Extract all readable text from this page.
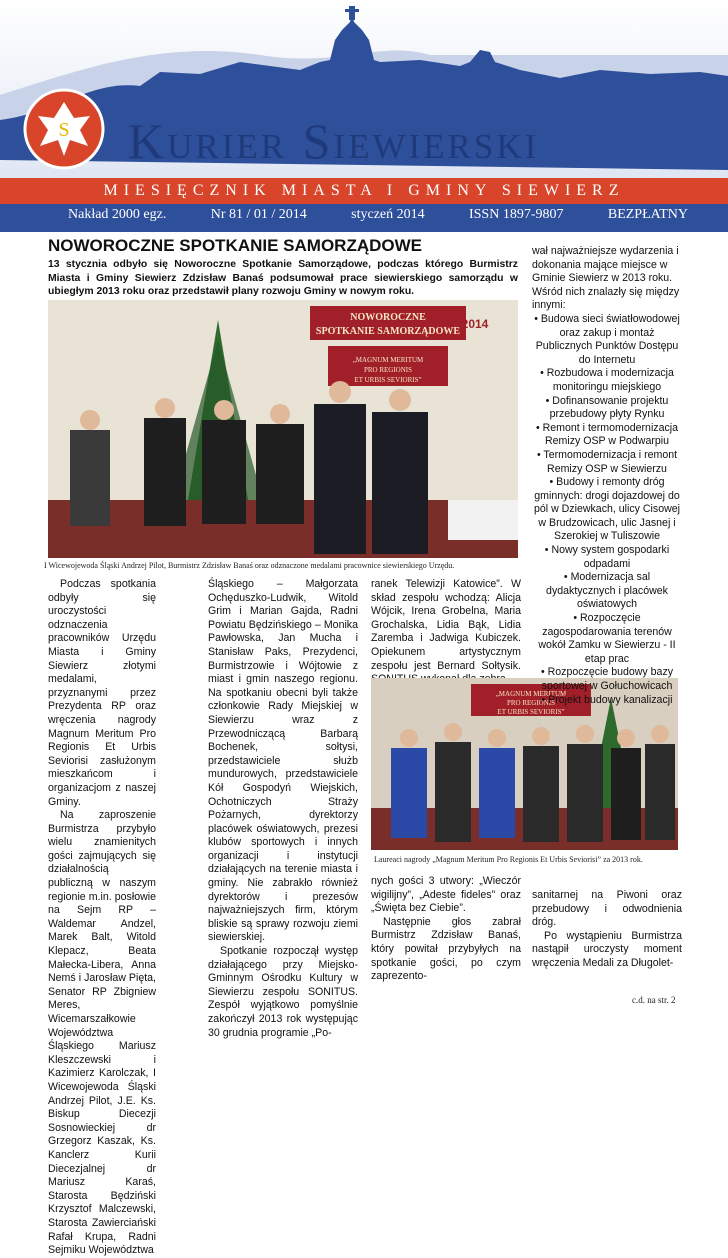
S Kurier Siewierski
MIESIĘCZNIK MIASTA I GMINY SIEWIERZ
Nakład 2000 egz.	Nr 81 / 01 / 2014	styczeń 2014	ISSN 1897-9807	BEZPŁATNY
NOWOROCZNE SPOTKANIE SAMORZĄDOWE

13 stycznia odbyło się Noworoczne Spotkanie Samorządowe, podczas którego Burmistrz Miasta i Gminy Siewierz Zdzisław Banaś podsumował prace siewierskiego samorządu w ubiegłym 2013 roku oraz przedstawił plany rozwoju Gminy w nowym roku.

NOWOROCZNE
SPOTKANIE SAMORZĄDOWE
2014
„MAGNUM MERITUM
PRO REGIONIS
ET URBIS SEVIORIS”
I Wicewojewoda Śląski Andrzej Pilot, Burmistrz Zdzisław Banaś oraz odznaczone medalami pracownice siewierskiego Urzędu.

Podczas spotkania odbyły się uroczystości odznaczenia pracowników Urzędu Miasta i Gminy Siewierz złotymi medalami, przyznanymi przez Prezydenta RP oraz wręczenia nagrody Magnum Meritum Pro Regionis Et Urbis Seviorisi zasłużonym mieszkańcom i organizacjom z naszej Gminy.

Na zaproszenie Burmistrza przybyło wielu znamienitych gości zajmujących się działalnością publiczną w naszym regionie m.in. posłowie na Sejm RP – Waldemar Andzel, Marek Balt, Witold Klepacz, Beata Małecka-Libera, Anna Nemś i Jarosław Pięta, Senator RP Zbigniew Meres, Wicemarszałkowie Województwa Śląskiego Mariusz Kleszczewski i Kazimierz Karolczak, I Wicewojewoda Śląski Andrzej Pilot, J.E. Ks. Biskup Diecezji Sosnowieckiej dr Grzegorz Kaszak, Ks. Kanclerz Kurii Diecezjalnej dr Mariusz Karaś, Starosta Będziński Krzysztof Malczewski, Starosta Zawierciański Rafał Krupa, Radni Sejmiku Województwa

Śląskiego – Małgorzata Ochęduszko-Ludwik, Witold Grim i Marian Gajda, Radni Powiatu Będzińskiego – Monika Pawłowska, Jan Mucha i Stanisław Paks, Prezydenci, Burmistrzowie i Wójtowie z miast i gmin naszego regionu. Na spotkaniu obecni byli także członkowie Rady Miejskiej w Siewierzu wraz z Przewodniczącą Barbarą Bochenek, sołtysi, przedstawiciele służb mundurowych, przedstawiciele Kół Gospodyń Wiejskich, Ochotniczych Straży Pożarnych, dyrektorzy placówek oświatowych, prezesi klubów sportowych i innych organizacji i instytucji działających na terenie miasta i gminy. Nie zabrakło również dyrektorów i prezesów najważniejszych firm, którym bliskie są sprawy rozwoju ziemi siewierskiej.

Spotkanie rozpoczął występ działającego przy Miejsko-Gminnym Ośrodku Kultury w Siewierzu zespołu SONITUS. Zespół wyjątkowo pomyślnie zakończył 2013 rok występując 30 grudnia programie „Po-

ranek Telewizji Katowice”. W skład zespołu wchodzą: Alicja Wójcik, Irena Grobelna, Maria Grochalska, Lidia Bąk, Lidia Zaremba i Jadwiga Kubiczek. Opiekunem artystycznym zespołu jest Bernard Sołtysik.

„MAGNUM MERITUM
PRO REGIONIS
ET URBIS SEVIORIS”
Laureaci nagrody „Magnum Meritum Pro Regionis Et Urbis Seviorisi” za 2013 rok.

nych gości 3 utwory: „Wieczór wigilijny”, „Adeste fideles” oraz „Święta bez Ciebie”.

Następnie głos zabrał Burmistrz Zdzisław Banaś, który powitał przybyłych na spotkanie gości, po czym zaprezento-

sanitarnej na Piwoni oraz przebudowy i odwodnienia dróg.

Po wystąpieniu Burmistrza nastąpił uroczysty moment wręczenia Medali za Długolet-

wał najważniejsze wydarzenia i dokonania mające miejsce w Gminie Siewierz w 2013 roku. Wśród nich znalazły się między innymi:

• Budowa sieci światłowodowej oraz zakup i montaż Publicznych Punktów Dostępu do Internetu

• Rozbudowa i modernizacja monitoringu miejskiego

• Dofinansowanie projektu przebudowy płyty Rynku

• Remont i termomodernizacja Remizy OSP w Podwarpiu

• Termomodernizacja i remont Remizy OSP w Siewierzu

• Budowy i remonty dróg gminnych: drogi dojazdowej do pól w Dziewkach, ulicy Cisowej w Brudzowicach, ulic Jasnej i Szerokiej w Tuliszowie

• Nowy system gospodarki odpadami

• Modernizacja sal dydaktycznych i placówek oświatowych

• Rozpoczęcie zagospodarowania terenów wokół Zamku w Siewierzu - II etap prac

• Rozpoczęcie budowy bazy sportowej w Gołuchowicach

• Projekt budowy kanalizacji

c.d. na str. 2
